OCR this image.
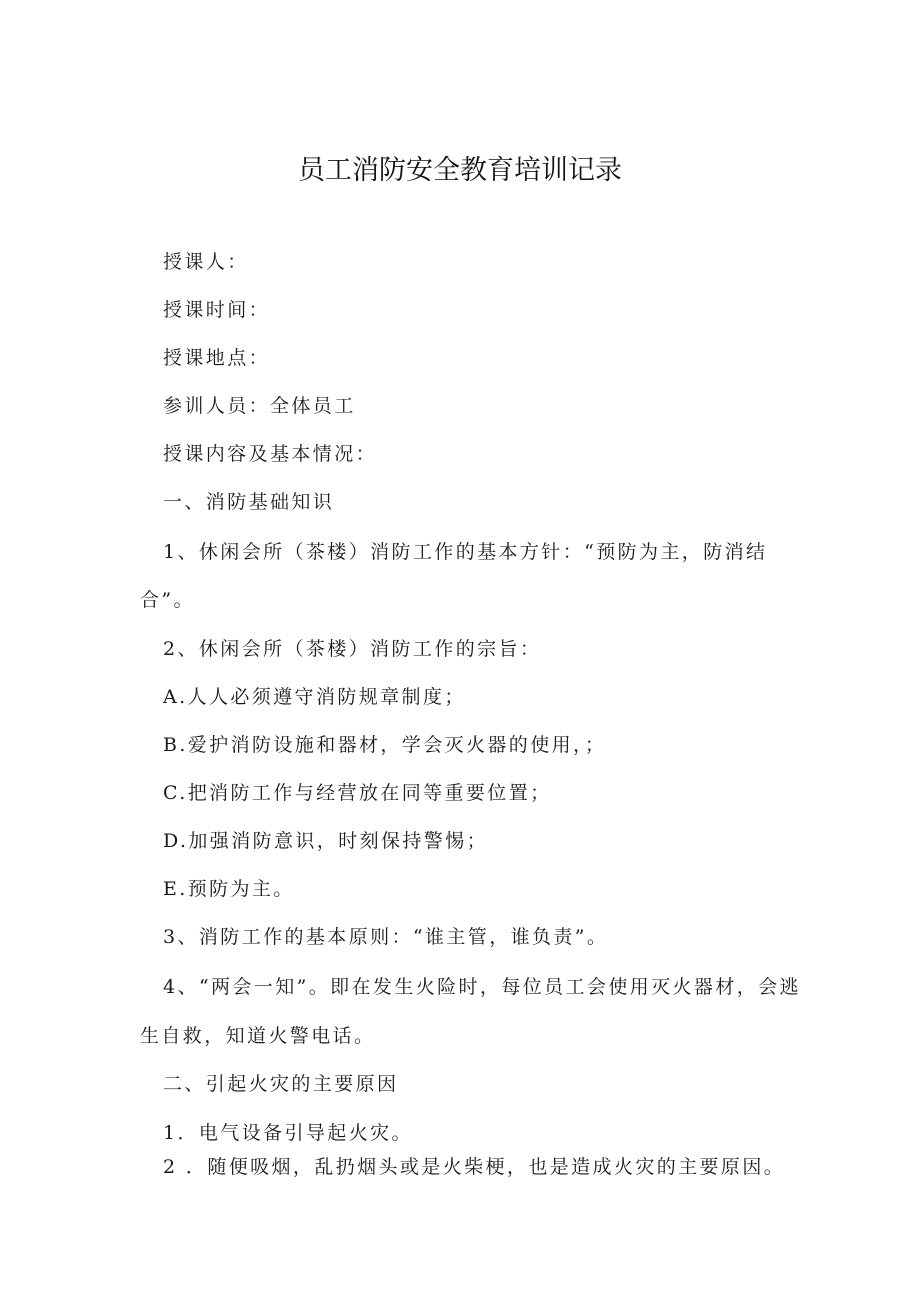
员工消防安全教育培训记录
授课人：
授课时间：
授课地点：
参训人员：全体员工
授课内容及基本情况：
一、消防基础知识
1、休闲会所（茶楼）消防工作的基本方针：“预防为主，防消结
合”。
2、休闲会所（茶楼）消防工作的宗旨：
A.人人必须遵守消防规章制度；
B.爱护消防设施和器材，学会灭火器的使用，；
C.把消防工作与经营放在同等重要位置；
D.加强消防意识，时刻保持警惕；
E.预防为主。
3、消防工作的基本原则：“谁主管，谁负责”。
4、“两会一知”。即在发生火险时，每位员工会使用灭火器材，会逃
生自救，知道火警电话。
二、引起火灾的主要原因
1．电气设备引导起火灾。
2 ．随便吸烟，乱扔烟头或是火柴梗，也是造成火灾的主要原因。
